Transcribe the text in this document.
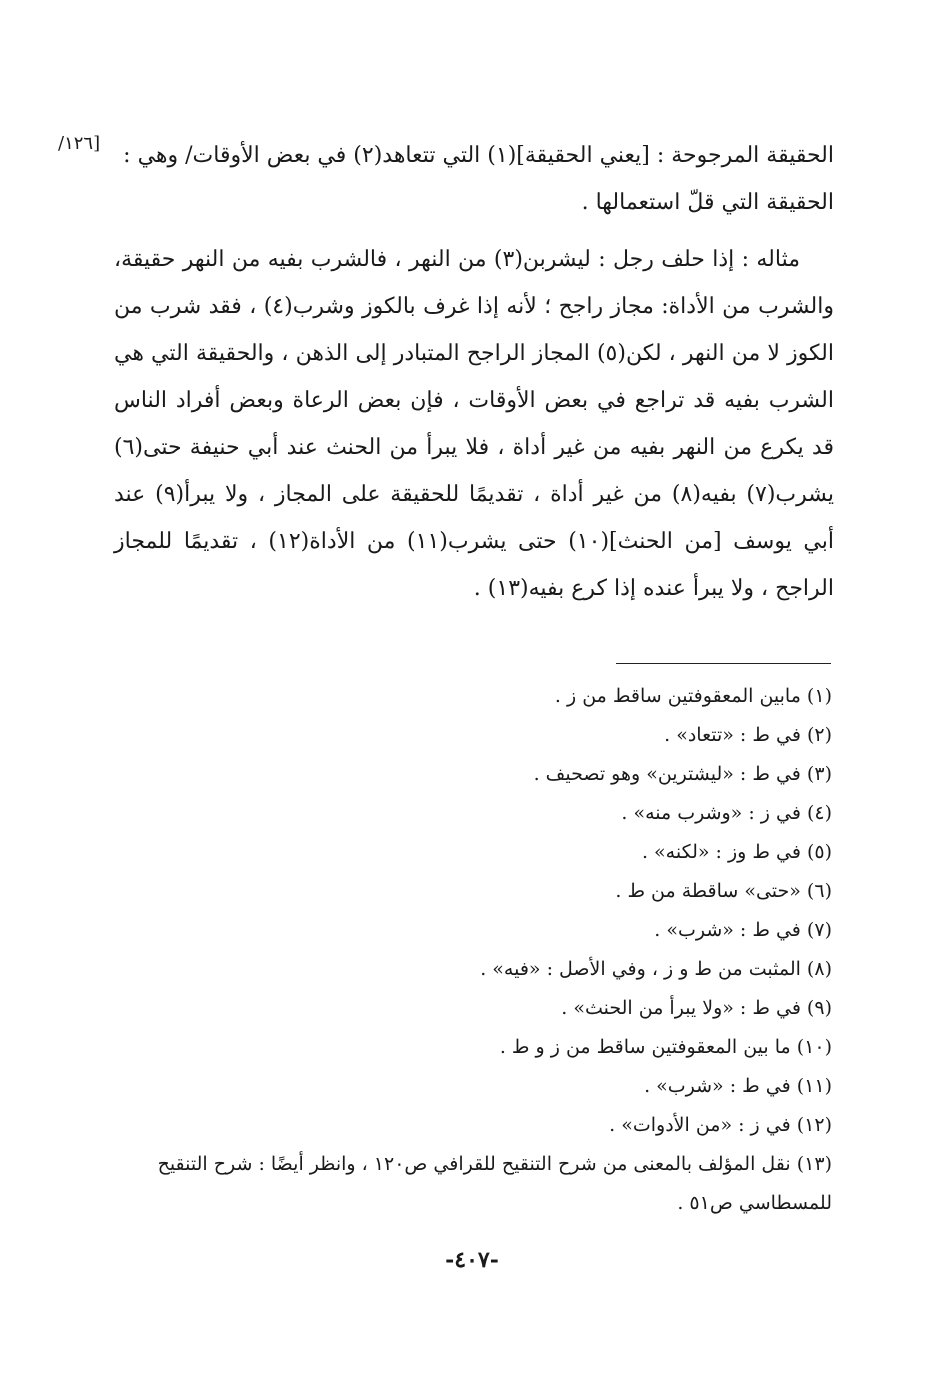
[١٢٦/	الحقيقة المرجوحة : [يعني الحقيقة](١) التي تتعاهد(٢) في بعض الأوقات/ وهي : الحقيقة التي قلّ استعمالها .

مثاله : إذا حلف رجل : ليشربن(٣) من النهر ، فالشرب بفيه من النهر حقيقة، والشرب من الأداة: مجاز راجح ؛ لأنه إذا غرف بالكوز وشرب(٤) ، فقد شرب من الكوز لا من النهر ، لكن(٥) المجاز الراجح المتبادر إلى الذهن ، والحقيقة التي هي الشرب بفيه قد تراجع في بعض الأوقات ، فإن بعض الرعاة وبعض أفراد الناس قد يكرع من النهر بفيه من غير أداة ، فلا يبرأ من الحنث عند أبي حنيفة حتى(٦) يشرب(٧) بفيه(٨) من غير أداة ، تقديمًا للحقيقة على المجاز ، ولا يبرأ(٩) عند أبي يوسف [من الحنث](١٠) حتى يشرب(١١) من الأداة(١٢) ، تقديمًا للمجاز الراجح ، ولا يبرأ عنده إذا كرع بفيه(١٣) .

(١) مابين المعقوفتين ساقط من ز .
(٢) في ط : «تتعاد» .
(٣) في ط : «ليشترين» وهو تصحيف .
(٤) في ز : «وشرب منه» .
(٥) في ط وز : «لكنه» .
(٦) «حتى» ساقطة من ط .
(٧) في ط : «شرب» .
(٨) المثبت من ط و ز ، وفي الأصل : «فيه» .
(٩) في ط : «ولا يبرأ من الحنث» .
(١٠) ما بين المعقوفتين ساقط من ز و ط .
(١١) في ط : «شرب» .
(١٢) في ز : «من الأدوات» .
(١٣) نقل المؤلف بالمعنى من شرح التنقيح للقرافي ص١٢٠ ، وانظر أيضًا : شرح التنقيح للمسطاسي ص٥١ .
-٤٠٧-
